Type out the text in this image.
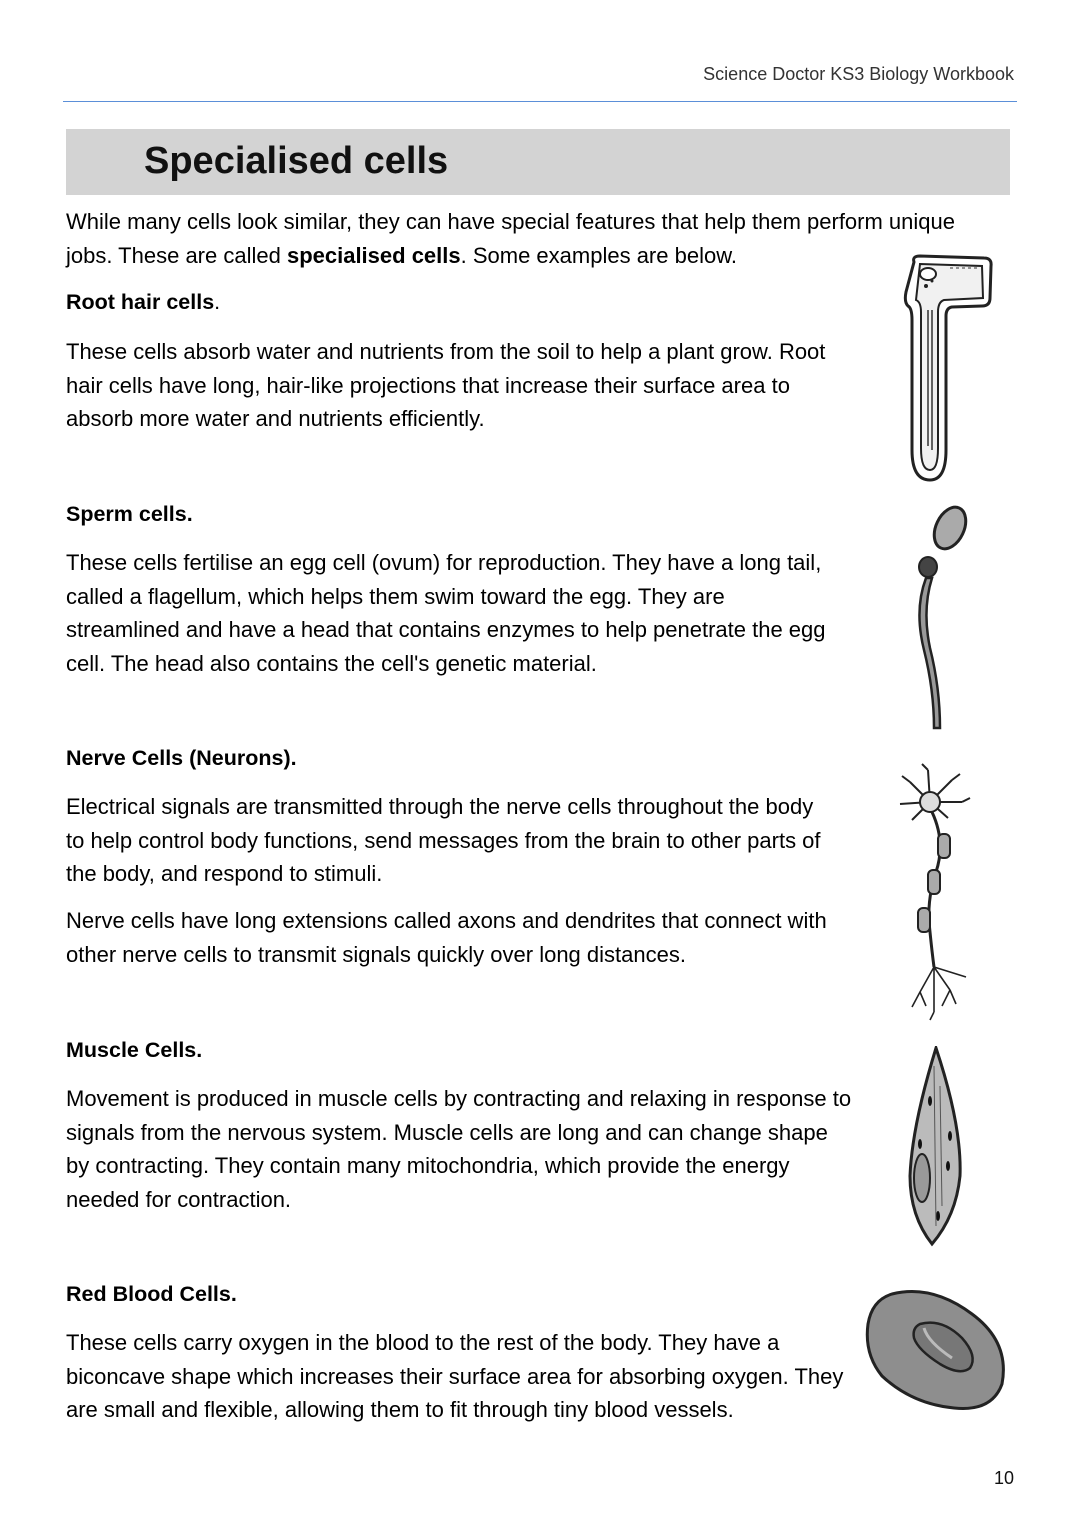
Science Doctor KS3 Biology Workbook
Specialised cells

While many cells look similar, they can have special features that help them perform unique jobs. These are called specialised cells. Some examples are below.

Root hair cells.

These cells absorb water and nutrients from the soil to help a plant grow. Root hair cells have long, hair-like projections that increase their surface area to absorb more water and nutrients efficiently.

Sperm cells.

These cells fertilise an egg cell (ovum) for reproduction. They have a long tail, called a flagellum, which helps them swim toward the egg. They are streamlined and have a head that contains enzymes to help penetrate the egg cell. The head also contains the cell's genetic material.

Nerve Cells (Neurons).

Electrical signals are transmitted through the nerve cells throughout the body to help control body functions, send messages from the brain to other parts of the body, and respond to stimuli.

Nerve cells have long extensions called axons and dendrites that connect with other nerve cells to transmit signals quickly over long distances.

Muscle Cells.

Movement is produced in muscle cells by contracting and relaxing in response to signals from the nervous system. Muscle cells are long and can change shape by contracting. They contain many mitochondria, which provide the energy needed for contraction.

Red Blood Cells.

These cells carry oxygen in the blood to the rest of the body. They have a biconcave shape which increases their surface area for absorbing oxygen. They are small and flexible, allowing them to fit through tiny blood vessels.

10
